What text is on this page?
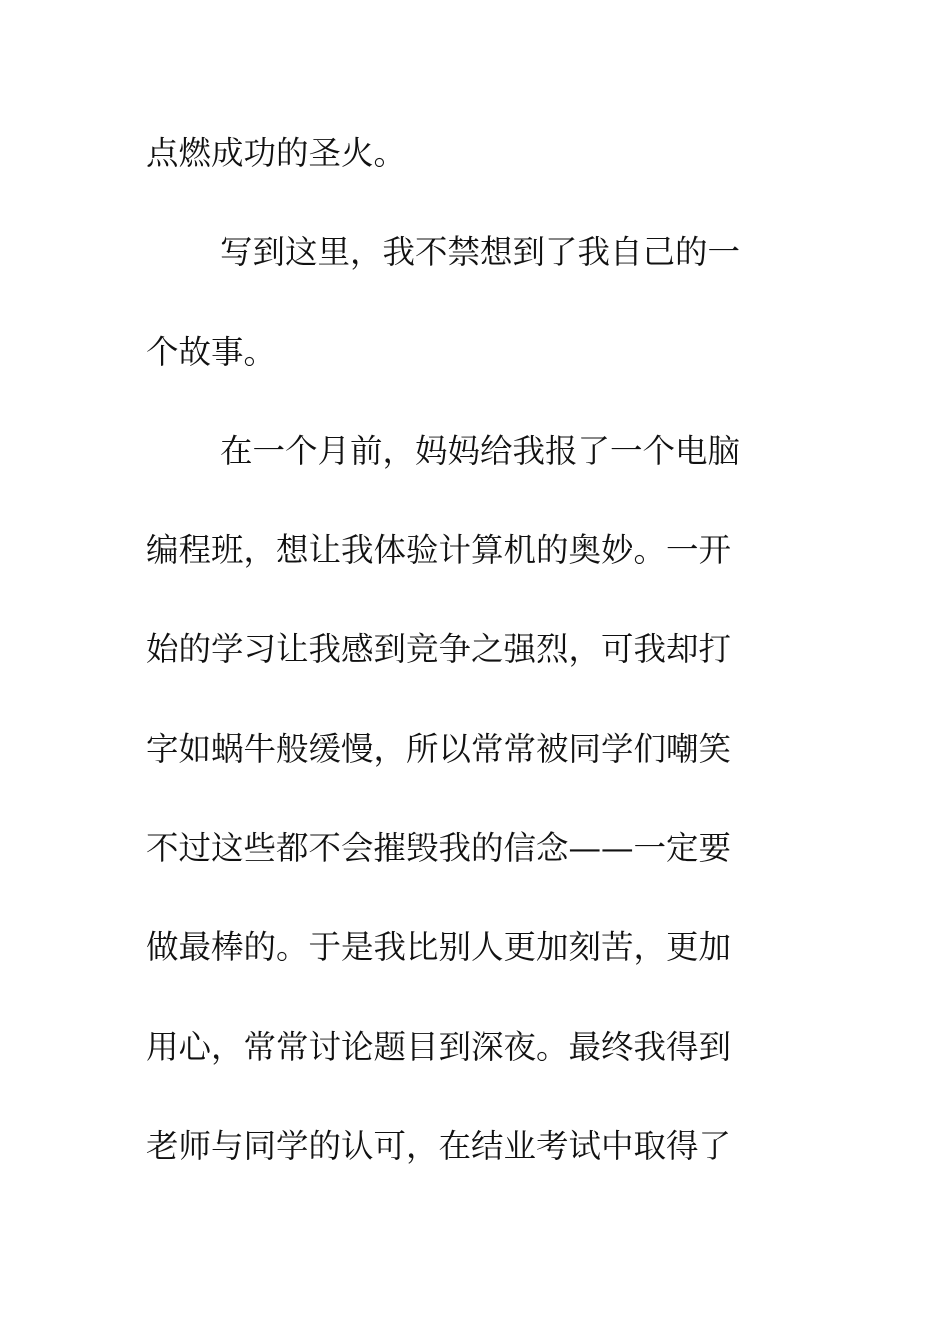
点燃成功的圣火。
写到这里，我不禁想到了我自己的一
个故事。
在一个月前，妈妈给我报了一个电脑
编程班，想让我体验计算机的奥妙。一开
始的学习让我感到竞争之强烈，可我却打
字如蜗牛般缓慢，所以常常被同学们嘲笑
不过这些都不会摧毁我的信念——一定要
做最棒的。于是我比别人更加刻苦，更加
用心，常常讨论题目到深夜。最终我得到
老师与同学的认可，在结业考试中取得了
